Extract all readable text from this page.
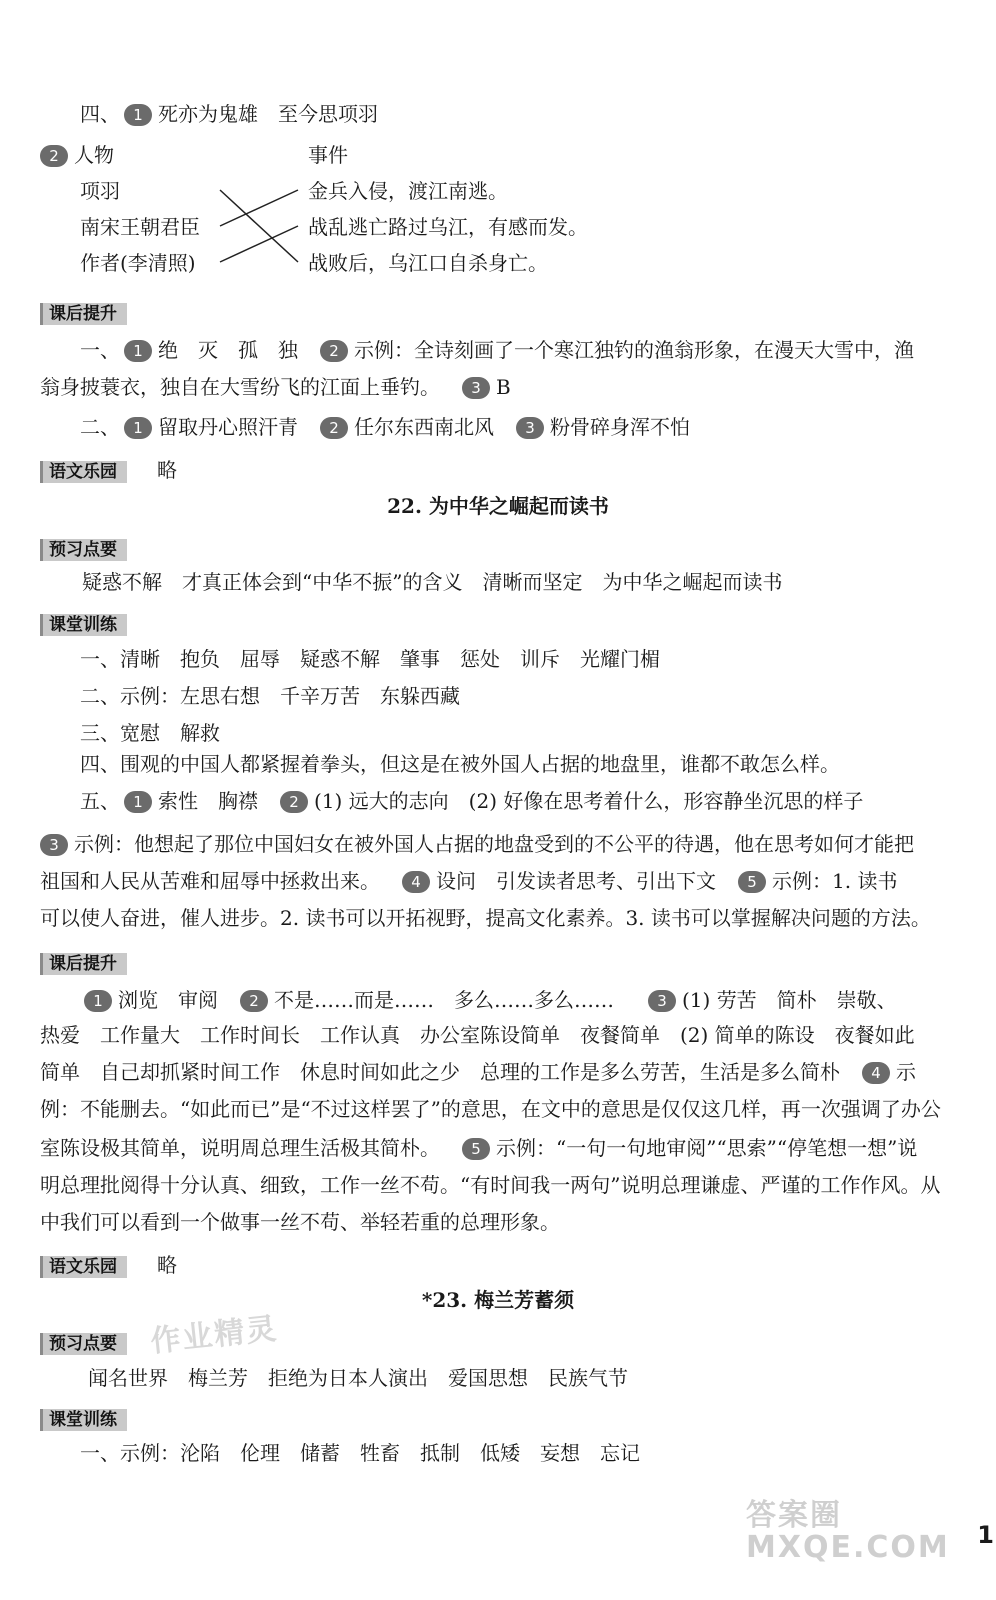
四、 1 死亦为鬼雄　至今思项羽
2 人物	事件
项羽
南宋王朝君臣
作者(李清照)
金兵入侵，渡江南逃。
战乱逃亡路过乌江，有感而发。
战败后，乌江口自杀身亡。
课后提升
一、 1 绝　灭　孤　独 2 示例：全诗刻画了一个寒江独钓的渔翁形象，在漫天大雪中，渔
翁身披蓑衣，独自在大雪纷飞的江面上垂钓。 3 B
二、 1 留取丹心照汗青 2 任尔东西南北风 3 粉骨碎身浑不怕
语文乐园 略
22. 为中华之崛起而读书
预习点要
疑惑不解　才真正体会到“中华不振”的含义　清晰而坚定　为中华之崛起而读书
课堂训练
一、清晰　抱负　屈辱　疑惑不解　肇事　惩处　训斥　光耀门楣
二、示例：左思右想　千辛万苦　东躲西藏
三、宽慰　解救
四、围观的中国人都紧握着拳头，但这是在被外国人占据的地盘里，谁都不敢怎么样。
五、 1 索性　胸襟 2 (1) 远大的志向　(2) 好像在思考着什么，形容静坐沉思的样子
3 示例：他想起了那位中国妇女在被外国人占据的地盘受到的不公平的待遇，他在思考如何才能把
祖国和人民从苦难和屈辱中拯救出来。 4 设问　引发读者思考、引出下文 5 示例：1. 读书
可以使人奋进，催人进步。2. 读书可以开拓视野，提高文化素养。3. 读书可以掌握解决问题的方法。
课后提升
1 浏览　审阅 2 不是……而是……　多么……多么……	3 (1) 劳苦　简朴　崇敬、
热爱　工作量大　工作时间长　工作认真　办公室陈设简单　夜餐简单　(2) 简单的陈设　夜餐如此
简单　自己却抓紧时间工作　休息时间如此之少　总理的工作是多么劳苦，生活是多么简朴 4 示
例：不能删去。“如此而已”是“不过这样罢了”的意思，在文中的意思是仅仅这几样，再一次强调了办公
室陈设极其简单，说明周总理生活极其简朴。 5 示例：“一句一句地审阅”“思索”“停笔想一想”说
明总理批阅得十分认真、细致，工作一丝不苟。“有时间我一两句”说明总理谦虚、严谨的工作作风。从
中我们可以看到一个做事一丝不苟、举轻若重的总理形象。
语文乐园 略
*23. 梅兰芳蓄须
预习点要
闻名世界　梅兰芳　拒绝为日本人演出　爱国思想　民族气节
课堂训练
一、示例：沦陷　伦理　储蓄　牲畜　抵制　低矮　妄想　忘记
作业精灵
答案圈 MXQE.COM 1
